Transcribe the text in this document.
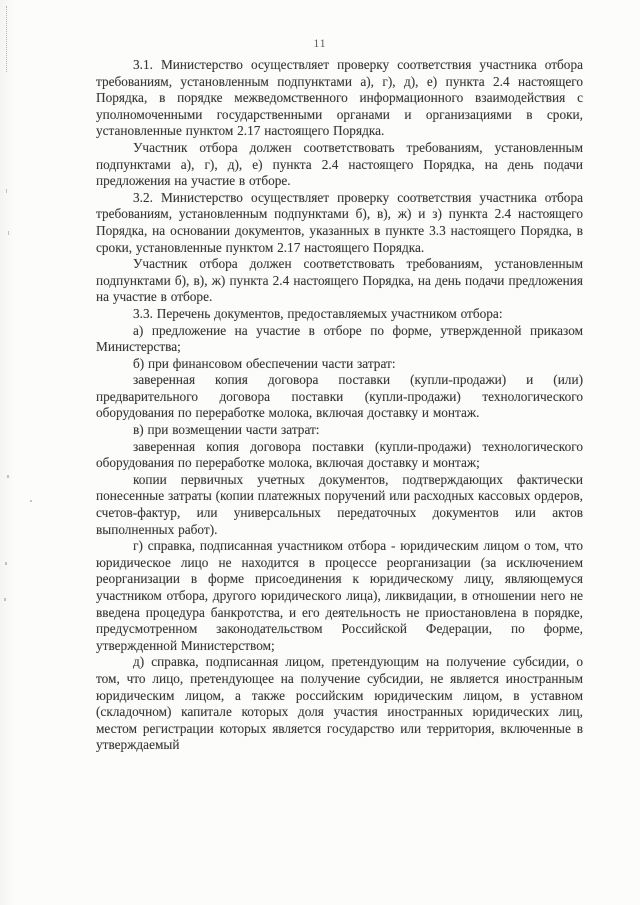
11

3.1. Министерство осуществляет проверку соответствия участника отбора требованиям, установленным подпунктами а), г), д), е) пункта 2.4 настоящего Порядка, в порядке межведомственного информационного взаимодействия с уполномоченными государственными органами и организациями в сроки, установленные пунктом 2.17 настоящего Порядка.

Участник отбора должен соответствовать требованиям, установленным подпунктами а), г), д), е) пункта 2.4 настоящего Порядка, на день подачи предложения на участие в отборе.

3.2. Министерство осуществляет проверку соответствия участника отбора требованиям, установленным подпунктами б), в), ж) и з) пункта 2.4 настоящего Порядка, на основании документов, указанных в пункте 3.3 настоящего Порядка, в сроки, установленные пунктом 2.17 настоящего Порядка.

Участник отбора должен соответствовать требованиям, установленным подпунктами б), в), ж) пункта 2.4 настоящего Порядка, на день подачи предложения на участие в отборе.

3.3. Перечень документов, предоставляемых участником отбора:

а) предложение на участие в отборе по форме, утвержденной приказом Министерства;

б) при финансовом обеспечении части затрат:

заверенная копия договора поставки (купли-продажи) и (или) предварительного договора поставки (купли-продажи) технологического оборудования по переработке молока, включая доставку и монтаж.

в) при возмещении части затрат:

заверенная копия договора поставки (купли-продажи) технологического оборудования по переработке молока, включая доставку и монтаж;

копии первичных учетных документов, подтверждающих фактически понесенные затраты (копии платежных поручений или расходных кассовых ордеров, счетов-фактур, или универсальных передаточных документов или актов выполненных работ).

г) справка, подписанная участником отбора - юридическим лицом о том, что юридическое лицо не находится в процессе реорганизации (за исключением реорганизации в форме присоединения к юридическому лицу, являющемуся участником отбора, другого юридического лица), ликвидации, в отношении него не введена процедура банкротства, и его деятельность не приостановлена в порядке, предусмотренном законодательством Российской Федерации, по форме, утвержденной Министерством;

д) справка, подписанная лицом, претендующим на получение субсидии, о том, что лицо, претендующее на получение субсидии, не является иностранным юридическим лицом, а также российским юридическим лицом, в уставном (складочном) капитале которых доля участия иностранных юридических лиц, местом регистрации которых является государство или территория, включенные в утверждаемый
